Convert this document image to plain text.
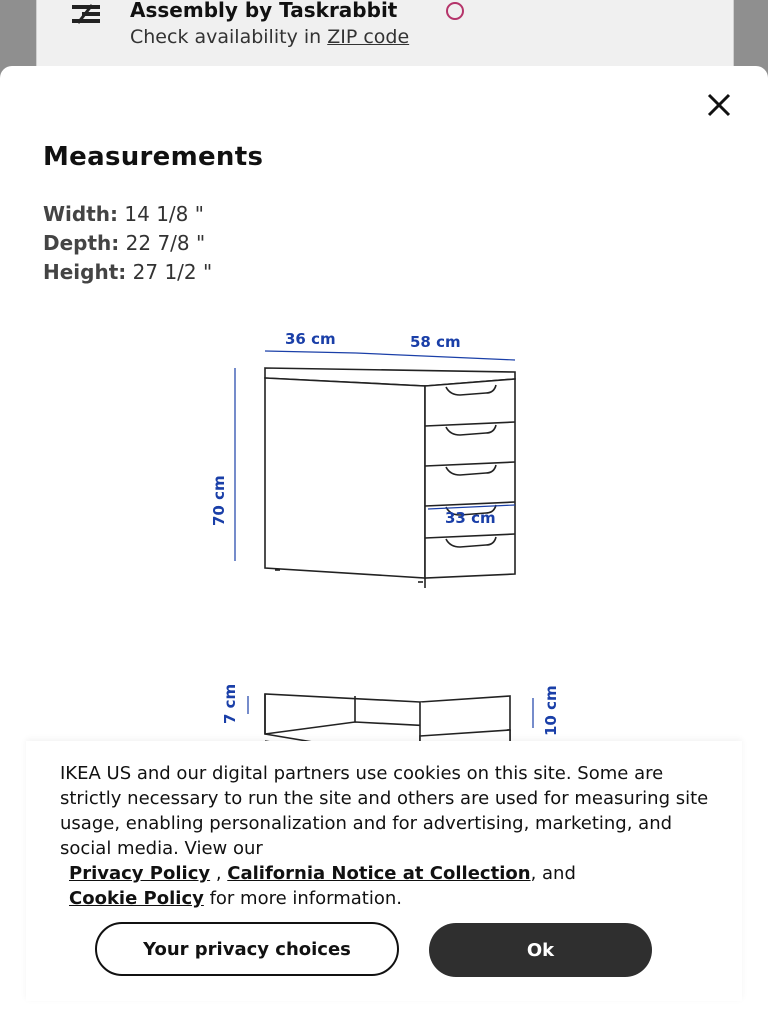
Assembly by Taskrabbit
Check availability in ZIP code
Measurements
Width: 14 1/8 "
Depth: 22 7/8 "
Height: 27 1/2 "
36 cm	58 cm
70 cm	33 cm
7 cm	10 cm
IKEA US and our digital partners use cookies on this site. Some are strictly necessary to run the site and others are used for measuring site usage, enabling personalization and for advertising, marketing, and social media. View our
Privacy Policy , California Notice at Collection, and
Cookie Policy for more information.
Your privacy choices	Ok
